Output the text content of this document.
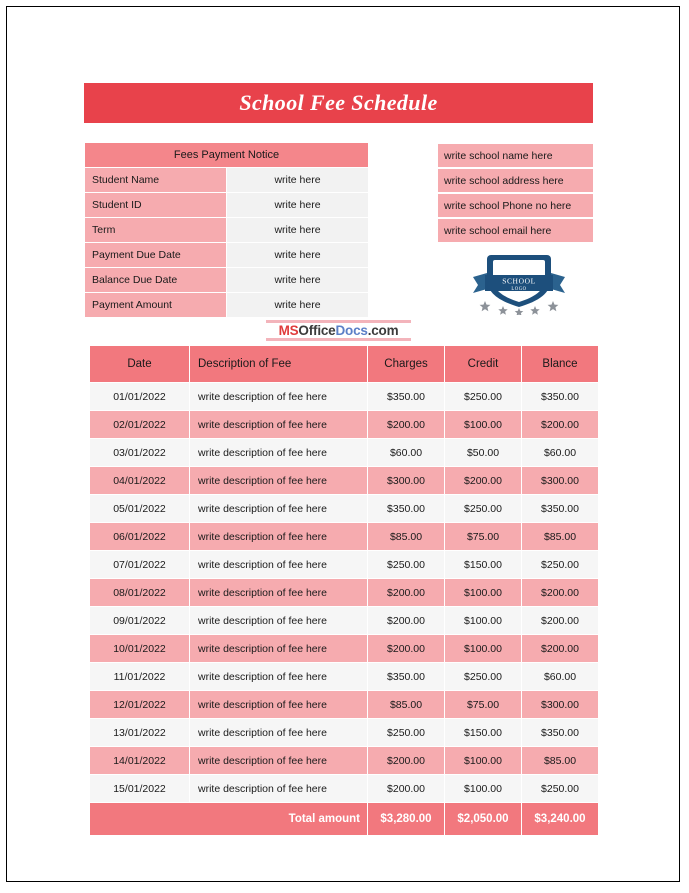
School Fee Schedule
Fees Payment Notice	
Student Name	write here
Student ID	write here
Term	write here
Payment Due Date	write here
Balance Due Date	write here
Payment Amount	write here
write school name here
write school address here
write school Phone no here
write school email here
SCHOOL
LOGO
MSOfficeDocs.com
Date	Description of Fee	Charges	Credit	Blance
01/01/2022	write description of fee here	$350.00	$250.00	$350.00
02/01/2022	write description of fee here	$200.00	$100.00	$200.00
03/01/2022	write description of fee here	$60.00	$50.00	$60.00
04/01/2022	write description of fee here	$300.00	$200.00	$300.00
05/01/2022	write description of fee here	$350.00	$250.00	$350.00
06/01/2022	write description of fee here	$85.00	$75.00	$85.00
07/01/2022	write description of fee here	$250.00	$150.00	$250.00
08/01/2022	write description of fee here	$200.00	$100.00	$200.00
09/01/2022	write description of fee here	$200.00	$100.00	$200.00
10/01/2022	write description of fee here	$200.00	$100.00	$200.00
11/01/2022	write description of fee here	$350.00	$250.00	$60.00
12/01/2022	write description of fee here	$85.00	$75.00	$300.00
13/01/2022	write description of fee here	$250.00	$150.00	$350.00
14/01/2022	write description of fee here	$200.00	$100.00	$85.00
15/01/2022	write description of fee here	$200.00	$100.00	$250.00
Total amount		$3,280.00	$2,050.00	$3,240.00
